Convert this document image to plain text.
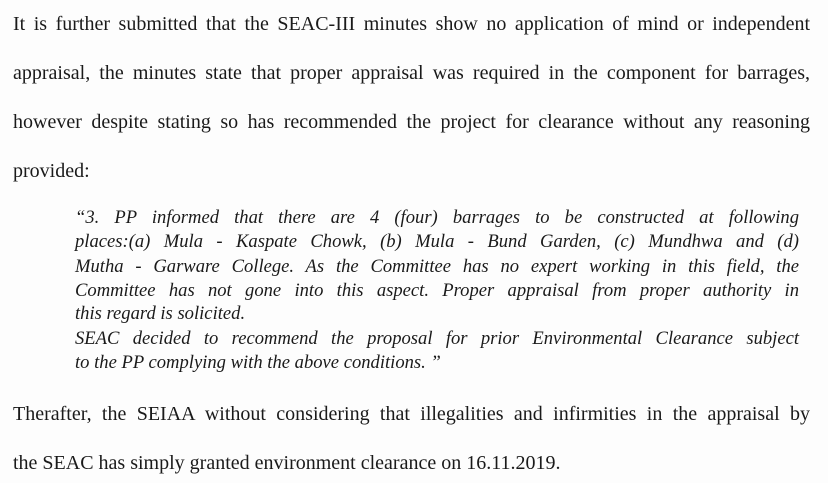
It is further submitted that the SEAC-III minutes show no application of mind or independent
appraisal, the minutes state that proper appraisal was required in the component for barrages,
however despite stating so has recommended the project for clearance without any reasoning
provided:
“3. PP informed that there are 4 (four) barrages to be constructed at following
places:(a) Mula - Kaspate Chowk, (b) Mula - Bund Garden, (c) Mundhwa and (d)
Mutha - Garware College. As the Committee has no expert working in this field, the
Committee has not gone into this aspect. Proper appraisal from proper authority in
this regard is solicited.
SEAC decided to recommend the proposal for prior Environmental Clearance subject
to the PP complying with the above conditions. ”
Therafter, the SEIAA without considering that illegalities and infirmities in the appraisal by
the SEAC has simply granted environment clearance on 16.11.2019.
